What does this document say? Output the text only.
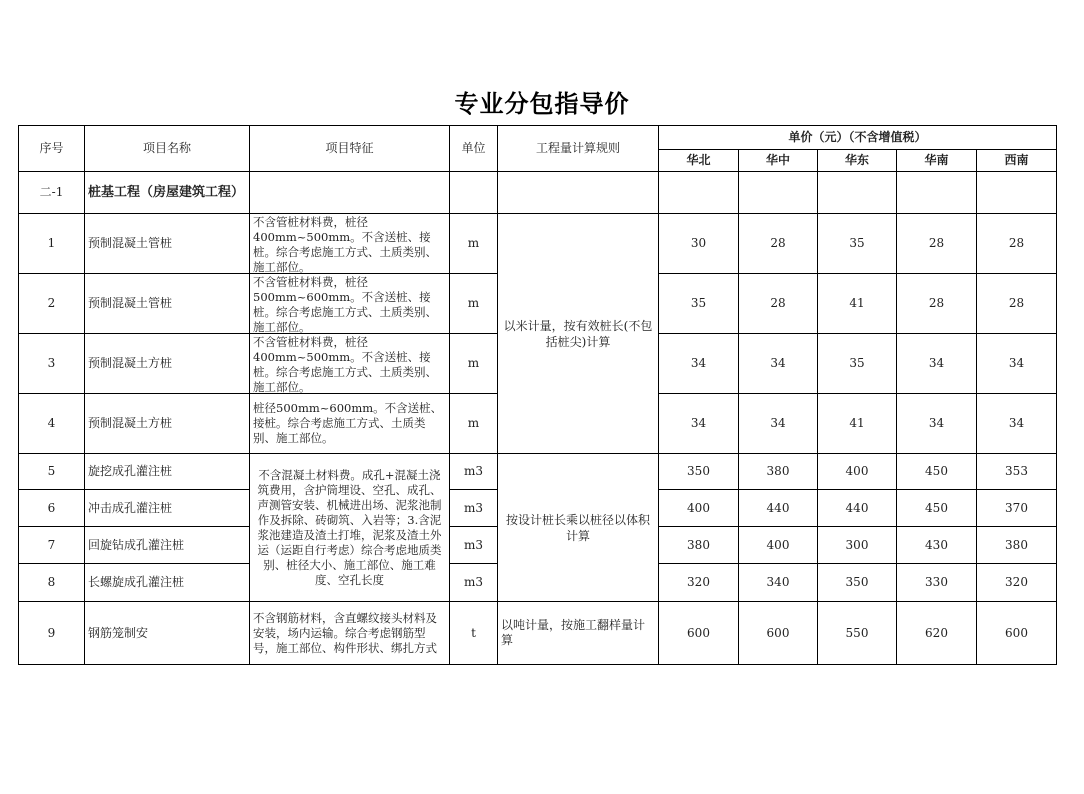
专业分包指导价
序号	项目名称	项目特征	单位	工程量计算规则	单价（元）（不含增值税）				
					华北	华中	华东	华南	西南
二-1	桩基工程（房屋建筑工程）								
1	预制混凝土管桩	不含管桩材料费，桩径400mm~500mm。不含送桩、接桩。综合考虑施工方式、土质类别、施工部位。	m	以米计量，按有效桩长(不包括桩尖)计算	30	28	35	28	28
2	预制混凝土管桩	不含管桩材料费，桩径500mm~600mm。不含送桩、接桩。综合考虑施工方式、土质类别、施工部位。	m		35	28	41	28	28
3	预制混凝土方桩	不含管桩材料费，桩径400mm~500mm。不含送桩、接桩。综合考虑施工方式、土质类别、施工部位。	m		34	34	35	34	34
4	预制混凝土方桩	桩径500mm~600mm。不含送桩、接桩。综合考虑施工方式、土质类别、施工部位。	m		34	34	41	34	34
5	旋挖成孔灌注桩	不含混凝土材料费。成孔+混凝土浇筑费用，含护筒埋设、空孔、成孔、声测管安装、机械进出场、泥浆池制作及拆除、砖砌筑、入岩等；3.含泥浆池建造及渣土打堆，泥浆及渣土外运（运距自行考虑）综合考虑地质类别、桩径大小、施工部位、施工难度、空孔长度	m3	按设计桩长乘以桩径以体积计算	350	380	400	450	353
6	冲击成孔灌注桩		m3		400	440	440	450	370
7	回旋钻成孔灌注桩		m3		380	400	300	430	380
8	长螺旋成孔灌注桩		m3		320	340	350	330	320
9	钢筋笼制安	不含钢筋材料，含直螺纹接头材料及安装，场内运输。综合考虑钢筋型号，施工部位、构件形状、绑扎方式	t	以吨计量，按施工翻样量计算	600	600	550	620	600
